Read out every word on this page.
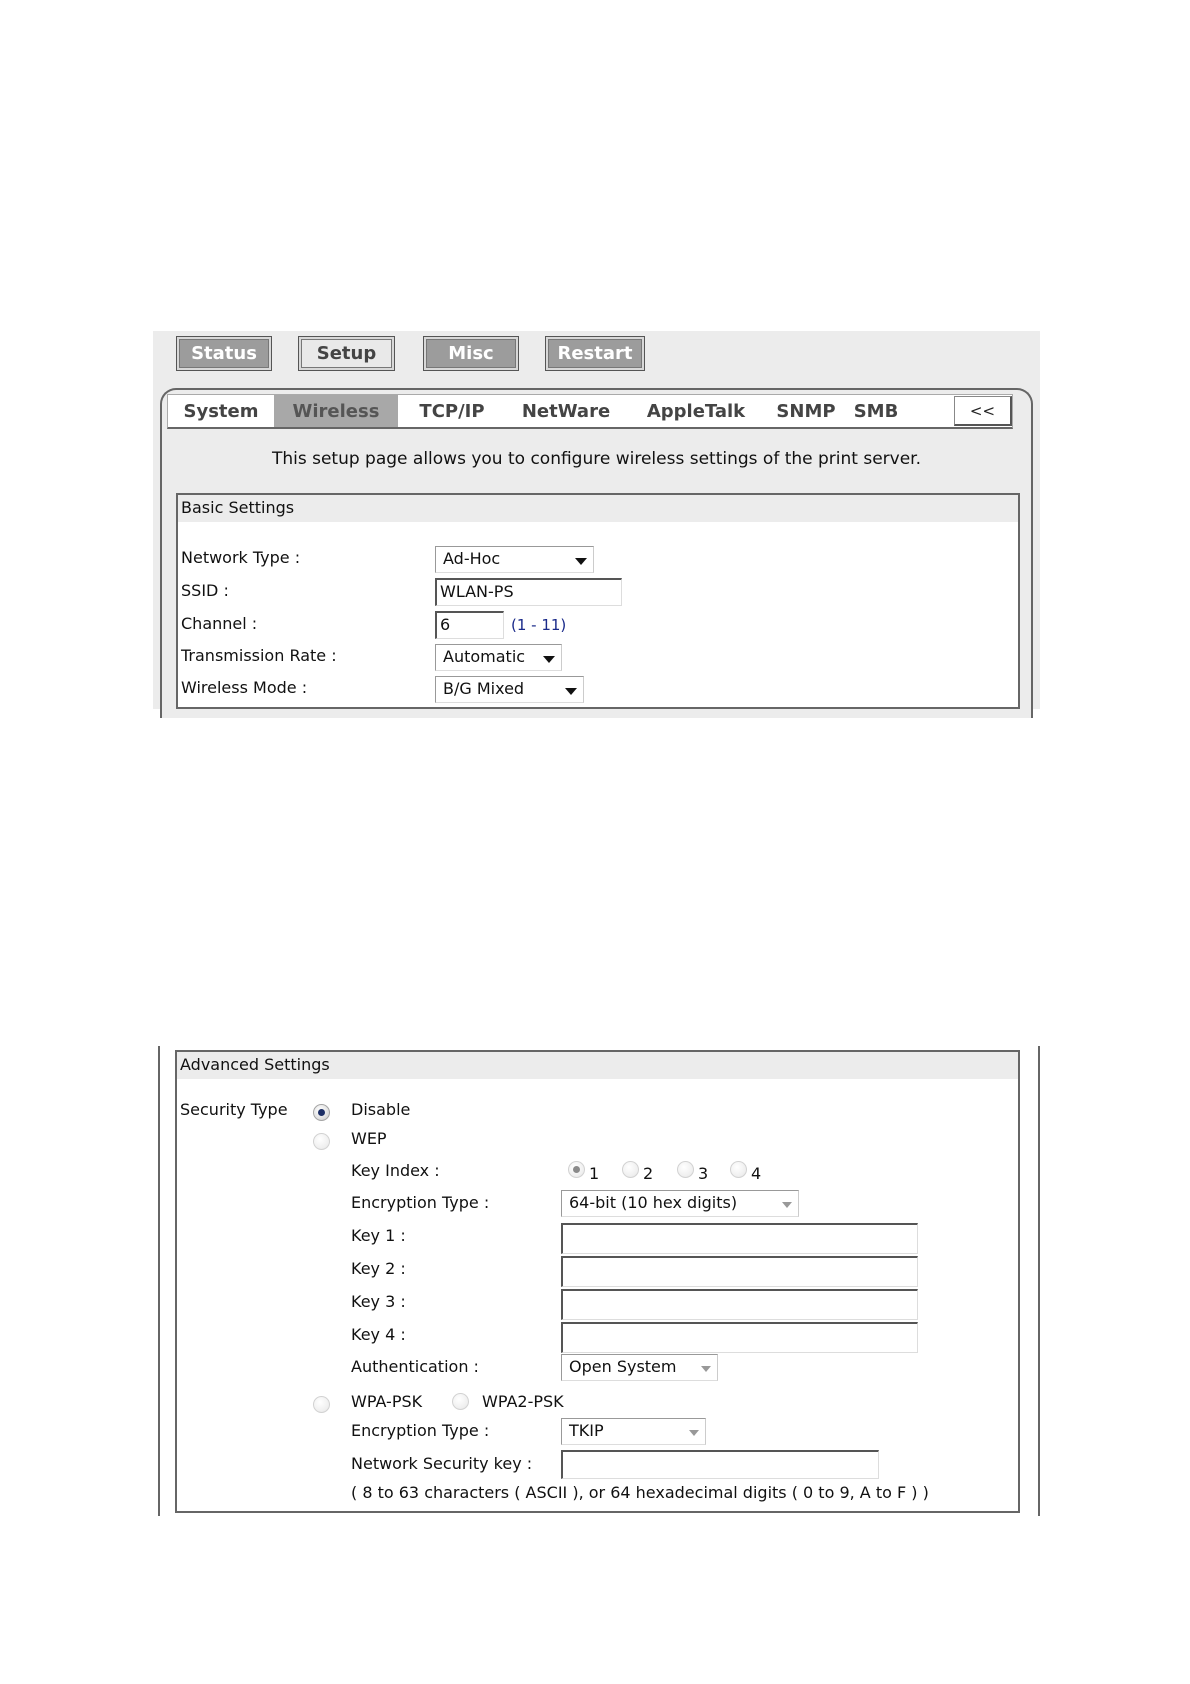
Status	Setup	Misc	Restart
System	Wireless	TCP/IP	NetWare	AppleTalk	SNMP	SMB	<<
This setup page allows you to configure wireless settings of the print server.
Basic Settings
Network Type :	Ad-Hoc
SSID :	WLAN-PS
Channel :	6	(1 - 11)
Transmission Rate :	Automatic
Wireless Mode :	B/G Mixed
Advanced Settings
Security Type	Disable
WEP
Key Index :	1	2	3	4
Encryption Type :	64-bit (10 hex digits)
Key 1 :
Key 2 :
Key 3 :
Key 4 :
Authentication :	Open System
WPA-PSK	WPA2-PSK
Encryption Type :	TKIP
Network Security key :
( 8 to 63 characters ( ASCII ), or 64 hexadecimal digits ( 0 to 9, A to F ) )
